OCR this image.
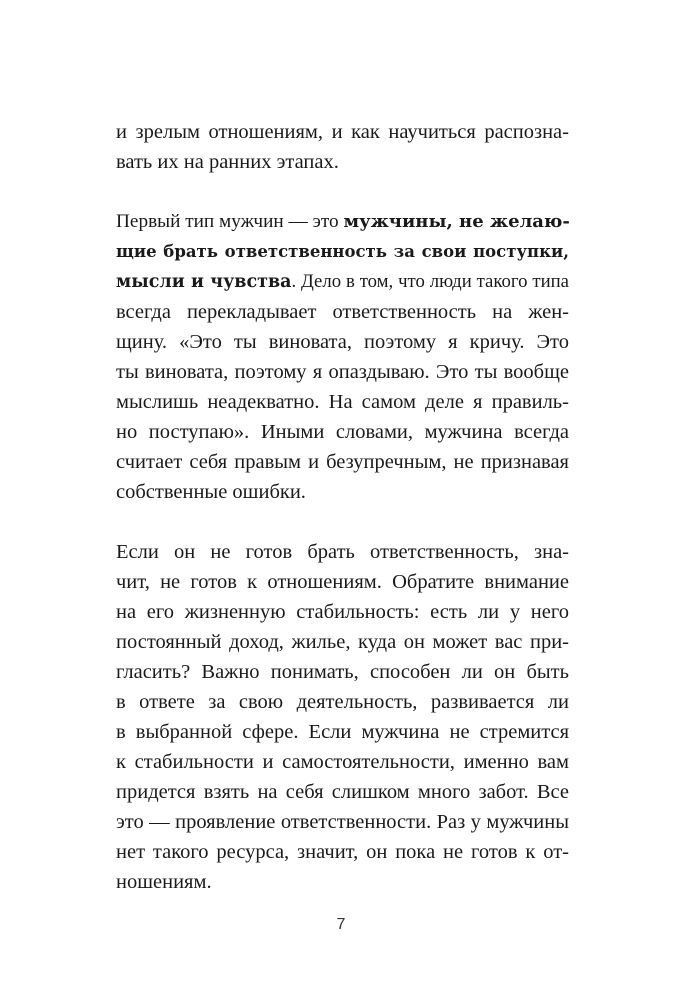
и зрелым отношениям, и как научиться распозна-
вать их на ранних этапах.
Первый тип мужчин — это мужчины, не желаю-
щие брать ответственность за свои поступки,
мысли и чувства. Дело в том, что люди такого типа
всегда перекладывает ответственность на жен-
щину. «Это ты виновата, поэтому я кричу. Это
ты виновата, поэтому я опаздываю. Это ты вообще
мыслишь неадекватно. На самом деле я правиль-
но поступаю». Иными словами, мужчина всегда
считает себя правым и безупречным, не признавая
собственные ошибки.
Если он не готов брать ответственность, зна-
чит, не готов к отношениям. Обратите внимание
на его жизненную стабильность: есть ли у него
постоянный доход, жилье, куда он может вас при-
гласить? Важно понимать, способен ли он быть
в ответе за свою деятельность, развивается ли
в выбранной сфере. Если мужчина не стремится
к стабильности и самостоятельности, именно вам
придется взять на себя слишком много забот. Все
это — проявление ответственности. Раз у мужчины
нет такого ресурса, значит, он пока не готов к от-
ношениям.
7
